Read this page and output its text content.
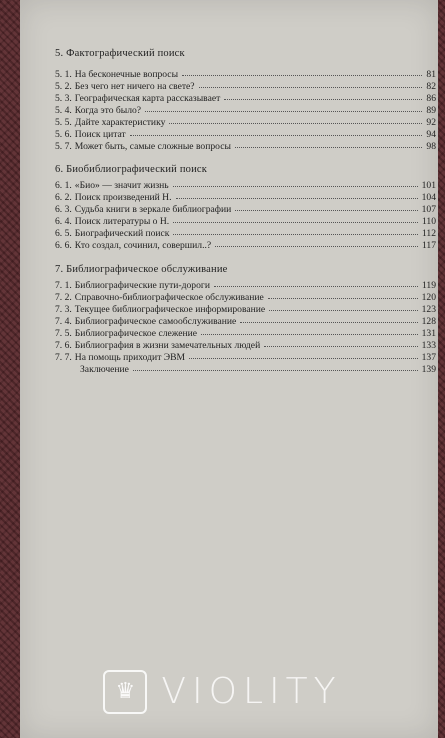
5. Фактографический поиск
5. 1. На бесконечные вопросы	81
5. 2. Без чего нет ничего на свете?	82
5. 3. Географическая карта рассказывает	86
5. 4. Когда это было?	89
5. 5. Дайте характеристику	92
5. 6. Поиск цитат	94
5. 7. Может быть, самые сложные вопросы	98
6. Биобиблиографический поиск
6. 1. «Био» — значит жизнь	101
6. 2. Поиск произведений Н.	104
6. 3. Судьба книги в зеркале библиографии	107
6. 4. Поиск литературы о Н.	110
6. 5. Биографический поиск	112
6. 6. Кто создал, сочинил, совершил..?	117
7. Библиографическое обслуживание
7. 1. Библиографические пути-дороги	119
7. 2. Справочно-библиографическое обслуживание	120
7. 3. Текущее библиографическое информирование	123
7. 4. Библиографическое самообслуживание	128
7. 5. Библиографическое слежение	131
7. 6. Библиография в жизни замечательных людей	133
7. 7. На помощь приходит ЭВМ	137
Заключение	139
♛ VIOLITY
